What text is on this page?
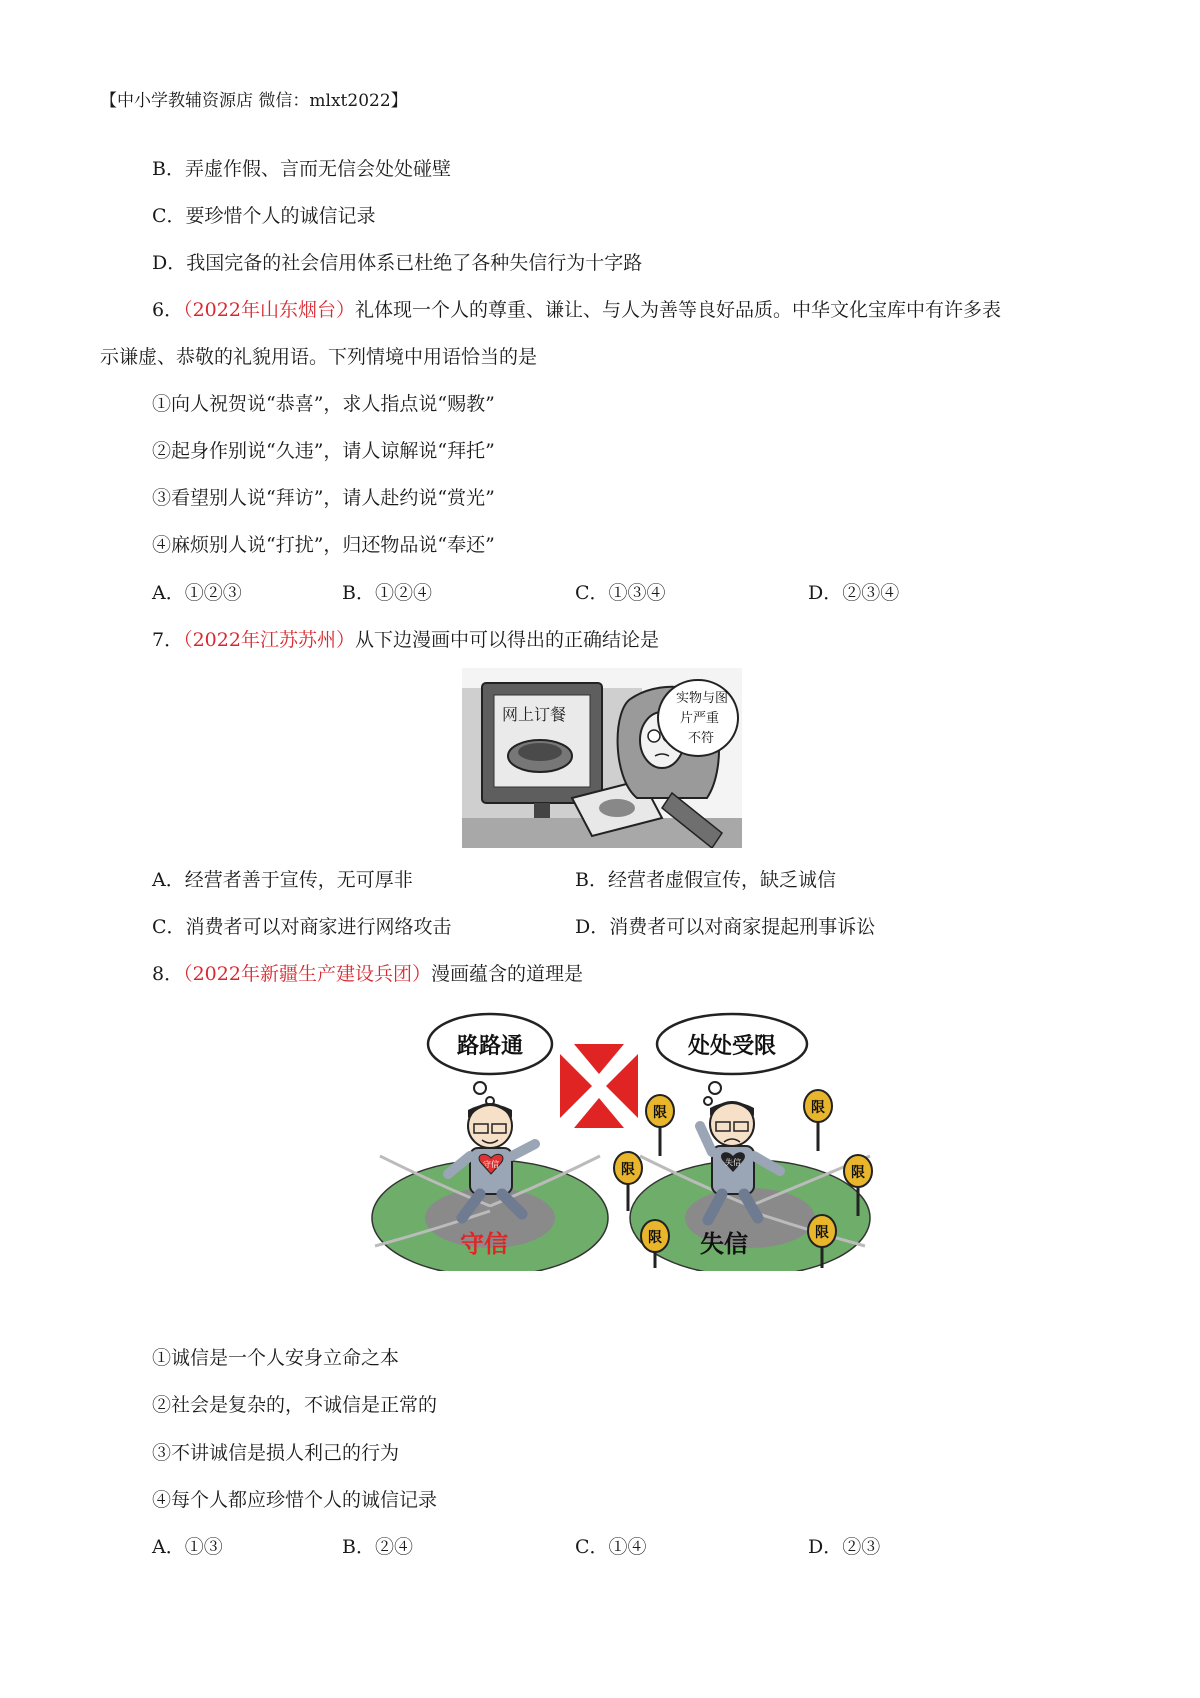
【中小学教辅资源店 微信：mlxt2022】
B．弄虚作假、言而无信会处处碰壁
C．要珍惜个人的诚信记录
D．我国完备的社会信用体系已杜绝了各种失信行为十字路
6．（2022年山东烟台）礼体现一个人的尊重、谦让、与人为善等良好品质。中华文化宝库中有许多表
示谦虚、恭敬的礼貌用语。下列情境中用语恰当的是
①向人祝贺说“恭喜”，求人指点说“赐教”
②起身作别说“久违”，请人谅解说“拜托”
③看望别人说“拜访”，请人赴约说“赏光”
④麻烦别人说“打扰”，归还物品说“奉还”
A．①②③	B．①②④	C．①③④	D．②③④
7．（2022年江苏苏州）从下边漫画中可以得出的正确结论是
网上订餐
实物与图
片严重
不符
A．经营者善于宣传，无可厚非	B．经营者虚假宣传，缺乏诚信
C．消费者可以对商家进行网络攻击	D．消费者可以对商家提起刑事诉讼
8．（2022年新疆生产建设兵团）漫画蕴含的道理是
路路通	处处受限
守信
守信
失信
失信
限
限
限
限
限
限
①诚信是一个人安身立命之本
②社会是复杂的，不诚信是正常的
③不讲诚信是损人利己的行为
④每个人都应珍惜个人的诚信记录
A．①③	B．②④	C．①④	D．②③
